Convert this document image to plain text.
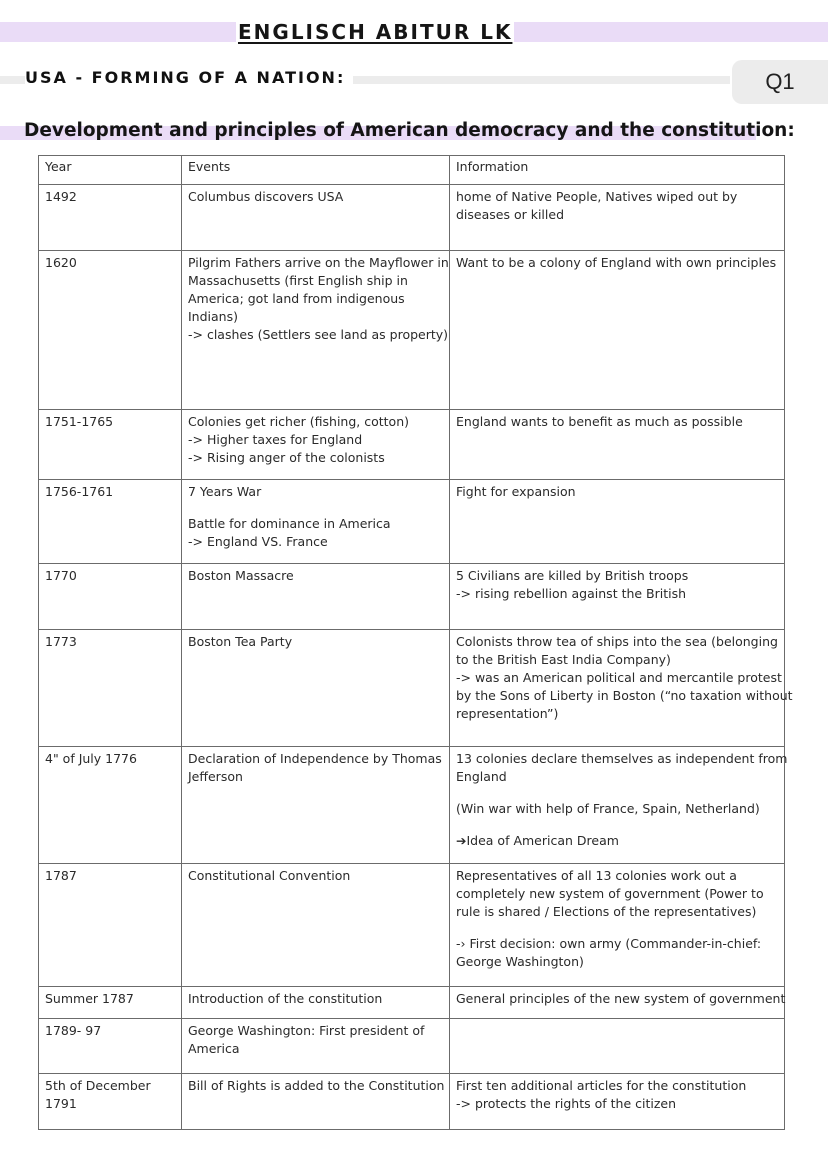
ENGLISCH ABITUR LK
USA - FORMING OF A NATION:	Q1
Development and principles of American democracy and the constitution:
Year	Events	Information

1492	Columbus discovers USA	home of Native People, Natives wiped out by
diseases or killed

1620	Pilgrim Fathers arrive on the Mayflower in
Massachusetts (first English ship in
America; got land from indigenous
Indians)
-> clashes (Settlers see land as property)	Want to be a colony of England with own principles

1751-1765	Colonies get richer (fishing, cotton)
-> Higher taxes for England
-> Rising anger of the colonists	England wants to benefit as much as possible

1756-1761	7 Years War
Battle for dominance in America
-> England VS. France	Fight for expansion

1770	Boston Massacre	5 Civilians are killed by British troops
-> rising rebellion against the British

1773	Boston Tea Party	Colonists throw tea of ships into the sea (belonging
to the British East India Company)
-> was an American political and mercantile protest
by the Sons of Liberty in Boston (“no taxation without
representation”)

4" of July 1776	Declaration of Independence by Thomas
Jefferson	13 colonies declare themselves as independent from
England
(Win war with help of France, Spain, Netherland)
➔Idea of American Dream

1787	Constitutional Convention	Representatives of all 13 colonies work out a
completely new system of government (Power to
rule is shared / Elections of the representatives)
-› First decision: own army (Commander-in-chief:
George Washington)

Summer 1787	Introduction of the constitution	General principles of the new system of government

1789- 97	George Washington: First president of
America	

5th of December
1791	Bill of Rights is added to the Constitution	First ten additional articles for the constitution
-> protects the rights of the citizen
